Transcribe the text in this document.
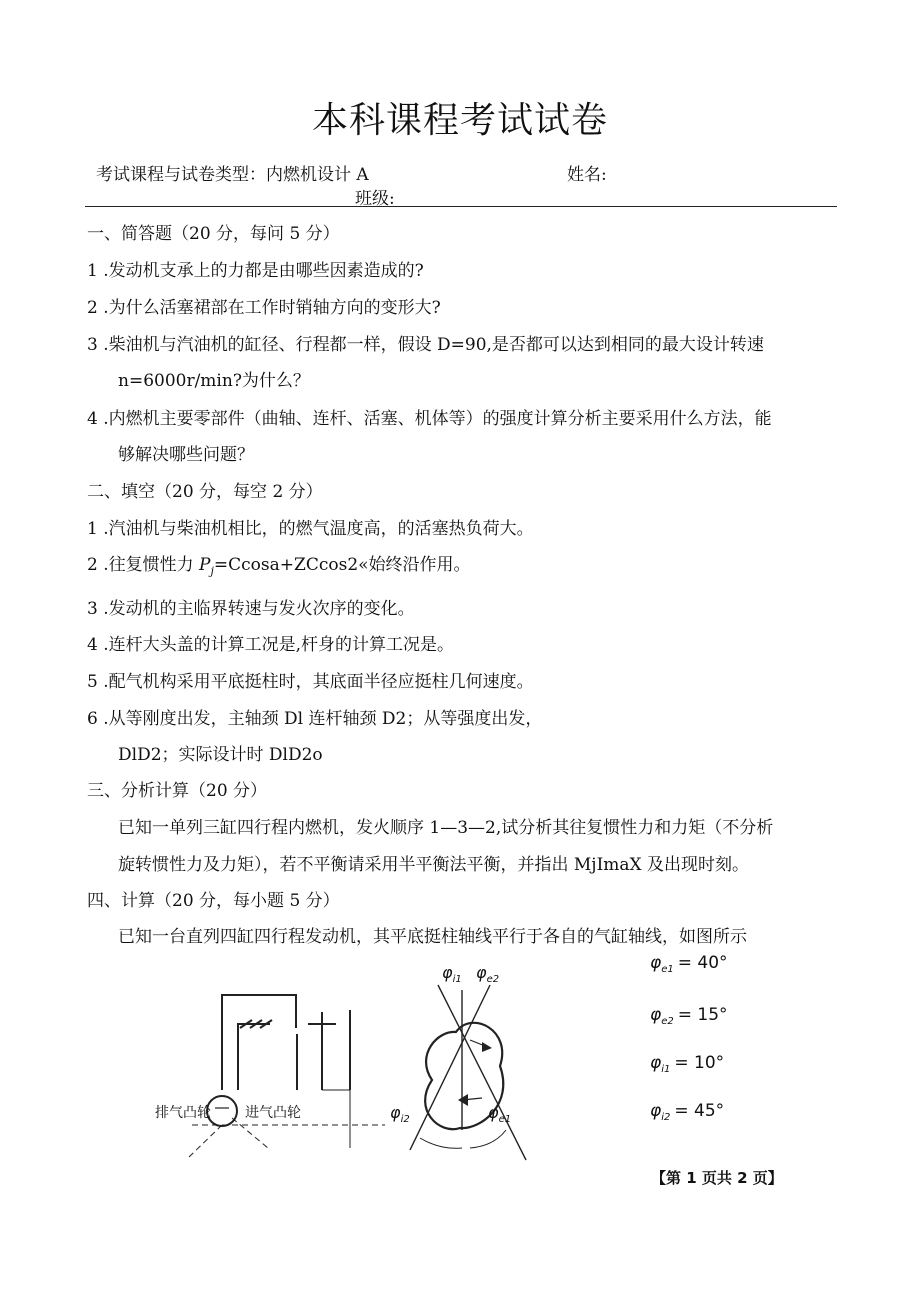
本科课程考试试卷
考试课程与试卷类型：内燃机设计 A	姓名:
班级:
一、简答题（20 分，每问 5 分）
1 .发动机支承上的力都是由哪些因素造成的?
2 .为什么活塞裙部在工作时销轴方向的变形大?
3 .柴油机与汽油机的缸径、行程都一样，假设 D=90,是否都可以达到相同的最大设计转速
n=6000r∕min?为什么？
4 .内燃机主要零部件（曲轴、连杆、活塞、机体等）的强度计算分析主要采用什么方法，能
够解决哪些问题？
二、填空（20 分，每空 2 分）
1 .汽油机与柴油机相比，的燃气温度高，的活塞热负荷大。
2 .往复惯性力 $P_j=Ccosa+ZCcos2«$始终沿作用。
3 .发动机的主临界转速与发火次序的变化。
4 .连杆大头盖的计算工况是,杆身的计算工况是。
5 .配气机构采用平底挺柱时，其底面半径应挺柱几何速度。
6 .从等刚度出发，主轴颈 Dl 连杆轴颈 D2；从等强度出发，
DlD2；实际设计时 DlD2o
三、分析计算（20 分）
已知一单列三缸四行程内燃机，发火顺序 1—3—2,试分析其往复惯性力和力矩（不分析
旋转惯性力及力矩），若不平衡请采用半平衡法平衡，并指出 MjImaX 及出现时刻。
四、计算（20 分，每小题 5 分）
已知一台直列四缸四行程发动机，其平底挺柱轴线平行于各自的气缸轴线，如图所示
排气凸轮 进气凸轮
$\varphi_{i1}$ $\varphi_{e2}$
$\varphi_{i2}$	$\varphi_{e1}$
$\varphi_{e1} = 40^\circ$
$\varphi_{e2} = 15^\circ$
$\varphi_{i1} = 10^\circ$
$\varphi_{i2} = 45^\circ$
【第 1 页共 2 页】
